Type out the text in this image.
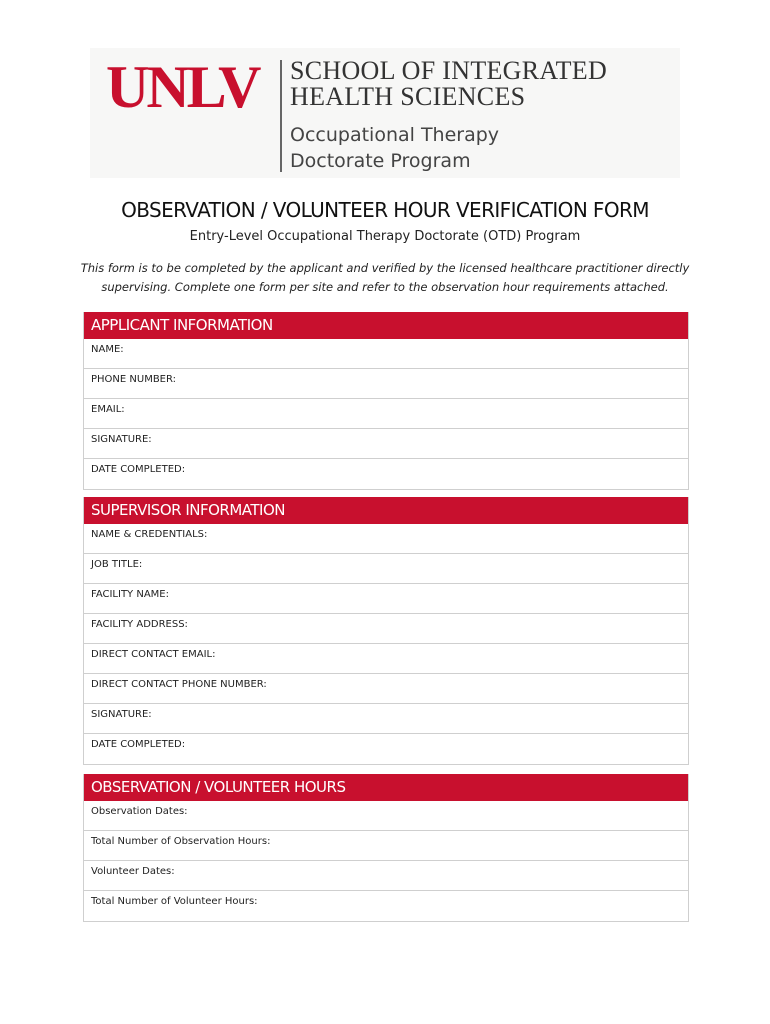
UNLV SCHOOL OF INTEGRATED
HEALTH SCIENCES
Occupational Therapy
Doctorate Program
OBSERVATION / VOLUNTEER HOUR VERIFICATION FORM
Entry-Level Occupational Therapy Doctorate (OTD) Program
This form is to be completed by the applicant and verified by the licensed healthcare practitioner directly supervising. Complete one form per site and refer to the observation hour requirements attached.
APPLICANT INFORMATION
NAME:
PHONE NUMBER:
EMAIL:
SIGNATURE:
DATE COMPLETED:
SUPERVISOR INFORMATION
NAME & CREDENTIALS:
JOB TITLE:
FACILITY NAME:
FACILITY ADDRESS:
DIRECT CONTACT EMAIL:
DIRECT CONTACT PHONE NUMBER:
SIGNATURE:
DATE COMPLETED:
OBSERVATION / VOLUNTEER HOURS
Observation Dates:
Total Number of Observation Hours:
Volunteer Dates:
Total Number of Volunteer Hours:
